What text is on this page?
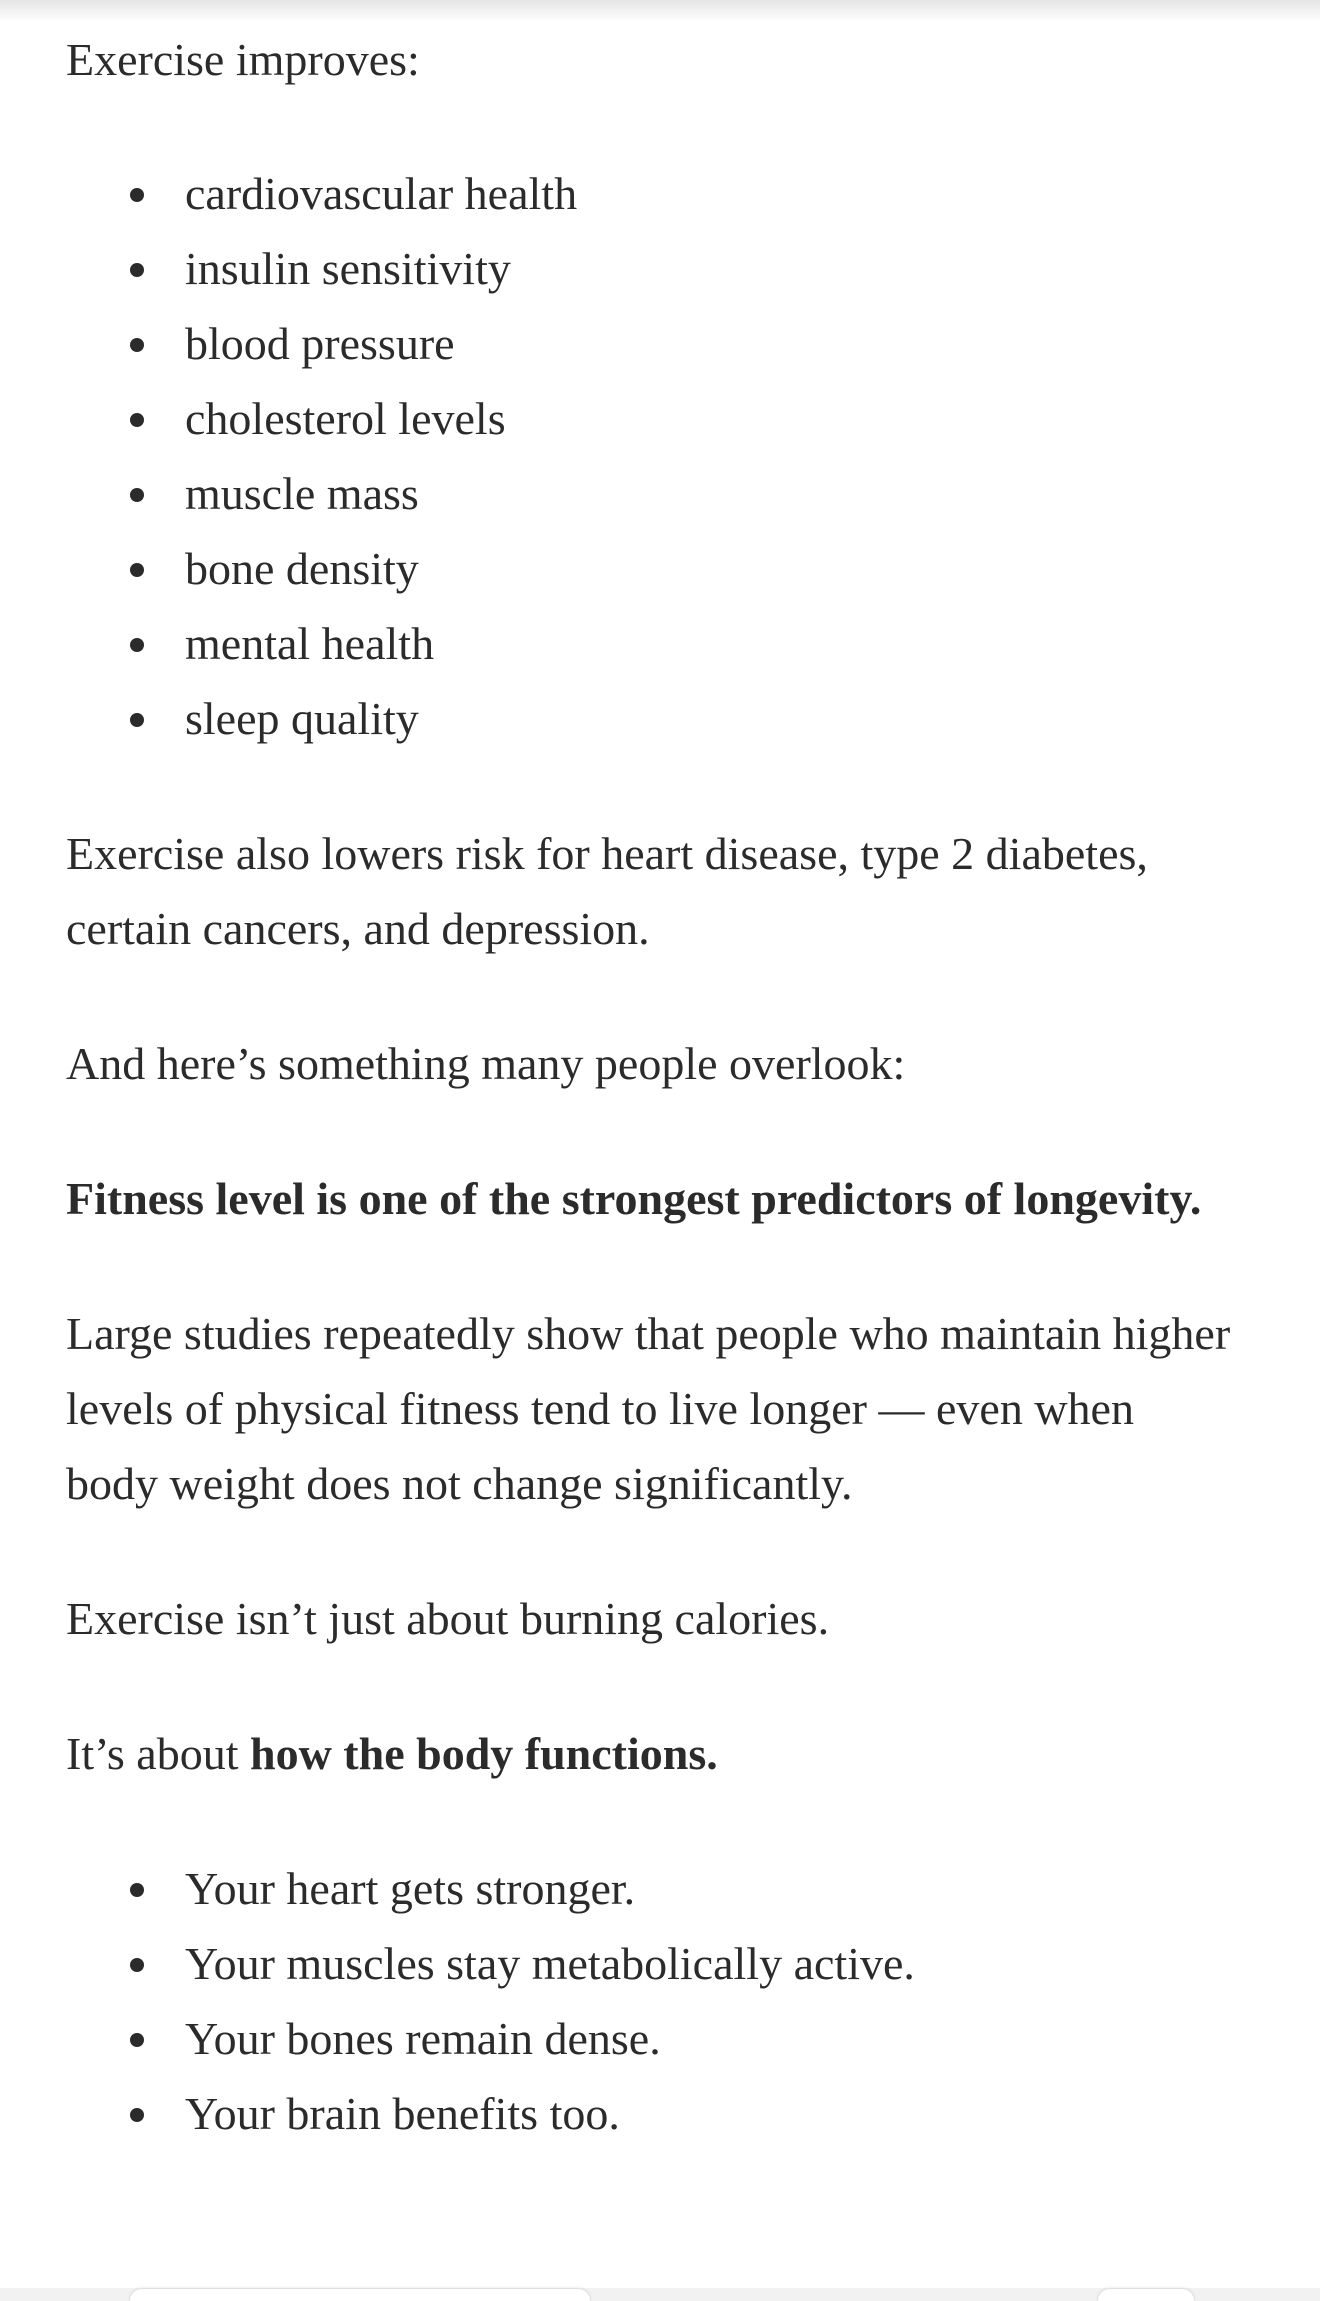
Exercise improves:

cardiovascular health
insulin sensitivity
blood pressure
cholesterol levels
muscle mass
bone density
mental health
sleep quality

Exercise also lowers risk for heart disease, type 2 diabetes, certain cancers, and depression.

And here’s something many people overlook:

Fitness level is one of the strongest predictors of longevity.

Large studies repeatedly show that people who maintain higher levels of physical fitness tend to live longer — even when body weight does not change significantly.

Exercise isn’t just about burning calories.

It’s about how the body functions.

Your heart gets stronger.
Your muscles stay metabolically active.
Your bones remain dense.
Your brain benefits too.
